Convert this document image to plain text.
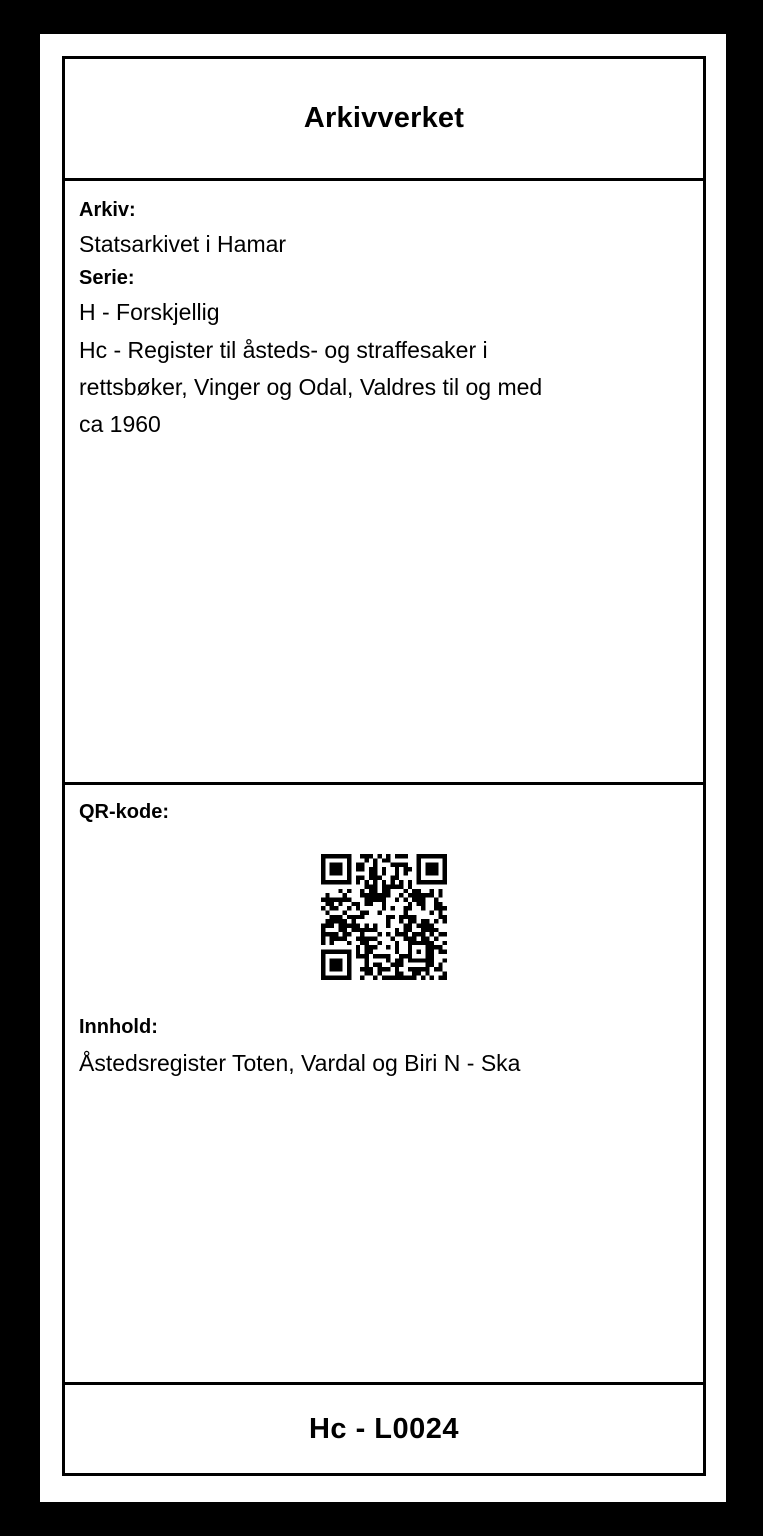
Arkivverket

Arkiv:

Statsarkivet i Hamar

Serie:

H - Forskjellig

Hc - Register til åsteds- og straffesaker i

rettsbøker, Vinger og Odal, Valdres til og med

ca 1960

QR-kode:

Innhold:

Åstedsregister Toten, Vardal og Biri N - Ska

Hc - L0024
